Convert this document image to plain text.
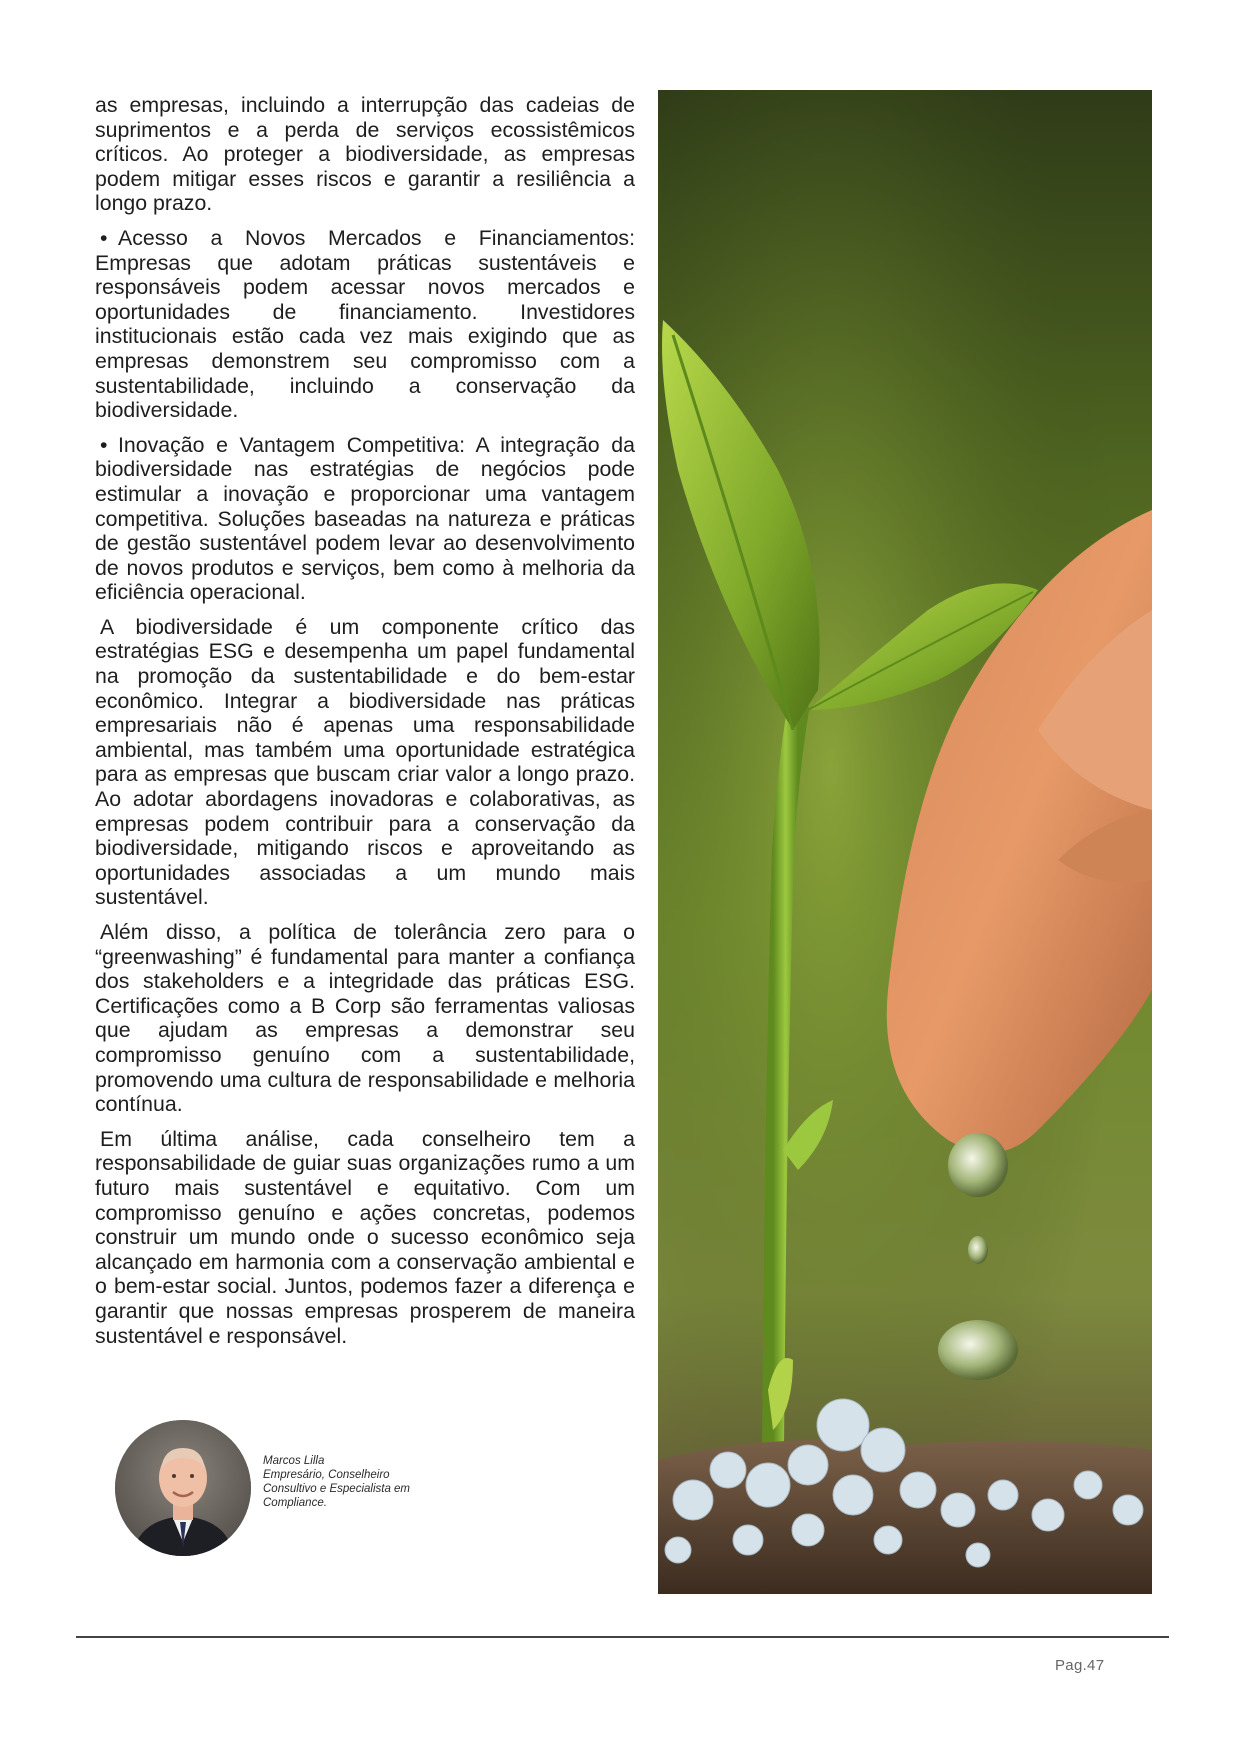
as empresas, incluindo a interrupção das cadeias de suprimentos e a perda de serviços ecossistêmicos críticos. Ao proteger a biodiversidade, as empresas podem mitigar esses riscos e garantir a resiliência a longo prazo.

• Acesso a Novos Mercados e Financiamentos: Empresas que adotam práticas sustentáveis e responsáveis podem acessar novos mercados e oportunidades de financiamento. Investidores institucionais estão cada vez mais exigindo que as empresas demonstrem seu compromisso com a sustentabilidade, incluindo a conservação da biodiversidade.

• Inovação e Vantagem Competitiva: A integração da biodiversidade nas estratégias de negócios pode estimular a inovação e proporcionar uma vantagem competitiva. Soluções baseadas na natureza e práticas de gestão sustentável podem levar ao desenvolvimento de novos produtos e serviços, bem como à melhoria da eficiência operacional.

A biodiversidade é um componente crítico das estratégias ESG e desempenha um papel fundamental na promoção da sustentabilidade e do bem-estar econômico. Integrar a biodiversidade nas práticas empresariais não é apenas uma responsabilidade ambiental, mas também uma oportunidade estratégica para as empresas que buscam criar valor a longo prazo. Ao adotar abordagens inovadoras e colaborativas, as empresas podem contribuir para a conservação da biodiversidade, mitigando riscos e aproveitando as oportunidades associadas a um mundo mais sustentável.

Além disso, a política de tolerância zero para o “greenwashing” é fundamental para manter a confiança dos stakeholders e a integridade das práticas ESG. Certificações como a B Corp são ferramentas valiosas que ajudam as empresas a demonstrar seu compromisso genuíno com a sustentabilidade, promovendo uma cultura de responsabilidade e melhoria contínua.

Em última análise, cada conselheiro tem a responsabilidade de guiar suas organizações rumo a um futuro mais sustentável e equitativo. Com um compromisso genuíno e ações concretas, podemos construir um mundo onde o sucesso econômico seja alcançado em harmonia com a conservação ambiental e o bem-estar social. Juntos, podemos fazer a diferença e garantir que nossas empresas prosperem de maneira sustentável e responsável.

Marcos Lilla
Empresário, Conselheiro
Consultivo e Especialista em
Compliance.
Pag.47
